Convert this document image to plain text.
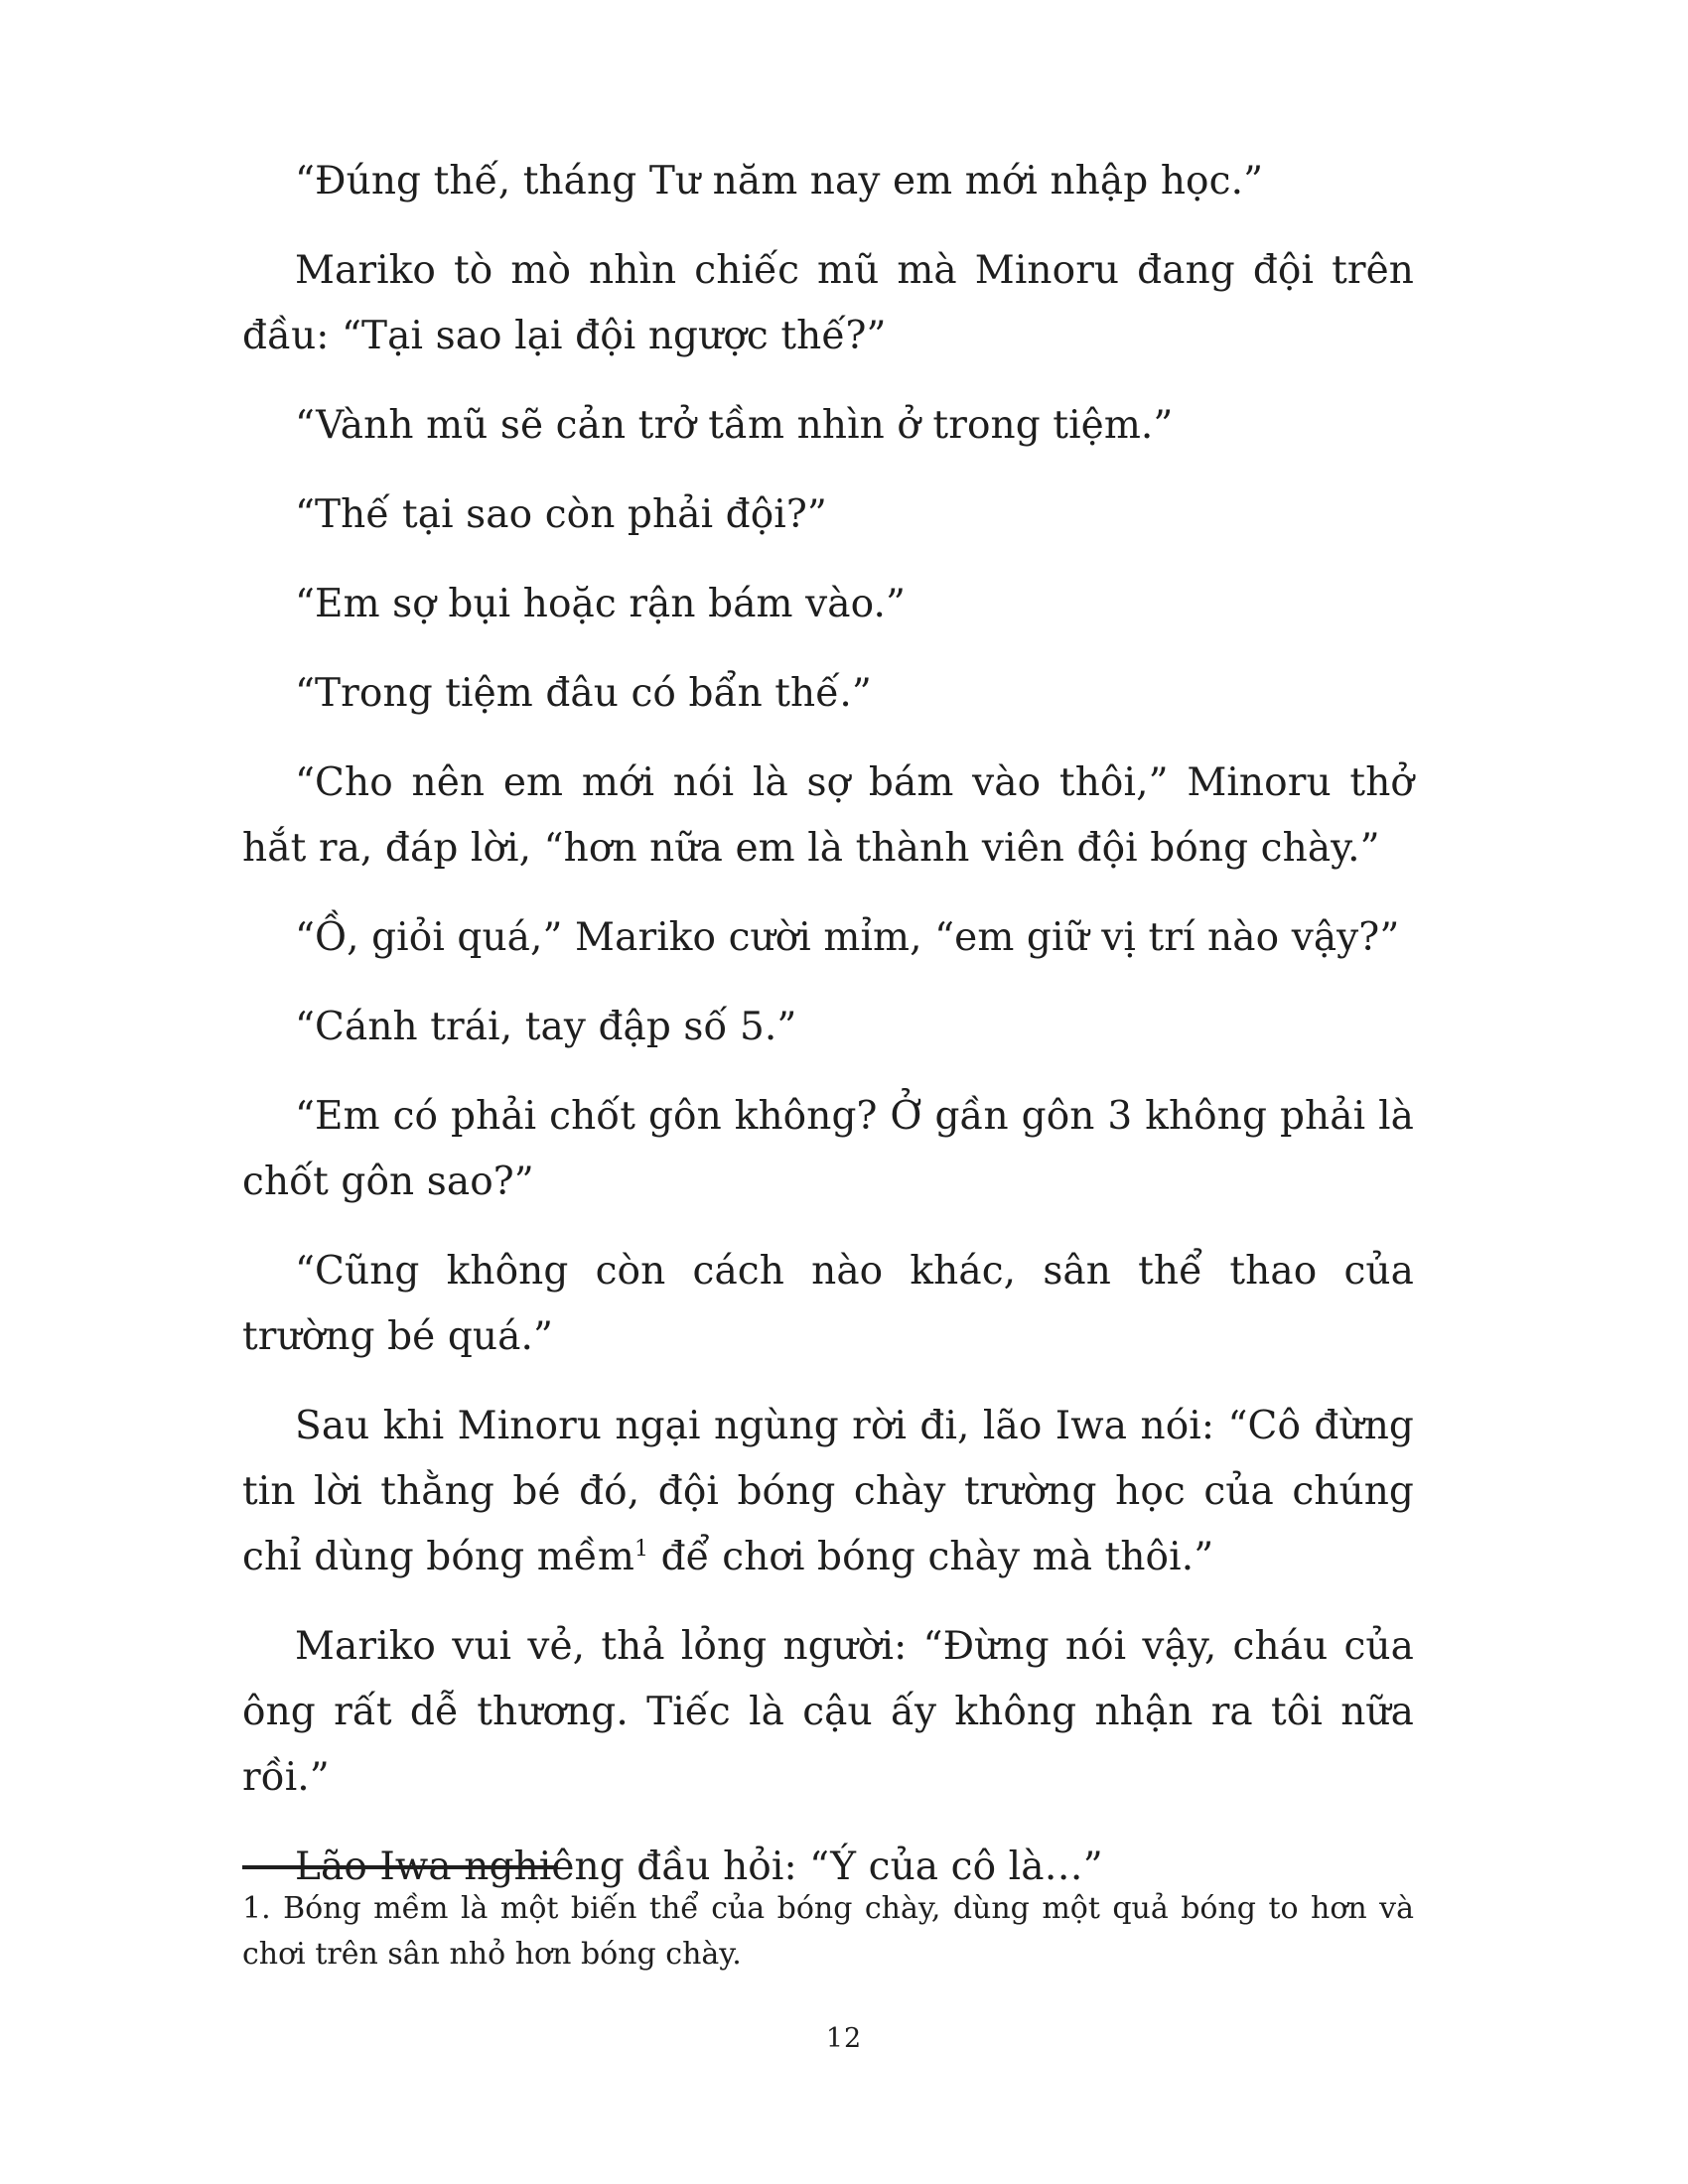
“Đúng thế, tháng Tư năm nay em mới nhập học.”

Mariko tò mò nhìn chiếc mũ mà Minoru đang đội trên đầu: “Tại sao lại đội ngược thế?”

“Vành mũ sẽ cản trở tầm nhìn ở trong tiệm.”

“Thế tại sao còn phải đội?”

“Em sợ bụi hoặc rận bám vào.”

“Trong tiệm đâu có bẩn thế.”

“Cho nên em mới nói là sợ bám vào thôi,” Minoru thở hắt ra, đáp lời, “hơn nữa em là thành viên đội bóng chày.”

“Ồ, giỏi quá,” Mariko cười mỉm, “em giữ vị trí nào vậy?”

“Cánh trái, tay đập số 5.”

“Em có phải chốt gôn không? Ở gần gôn 3 không phải là chốt gôn sao?”

“Cũng không còn cách nào khác, sân thể thao của trường bé quá.”

Sau khi Minoru ngại ngùng rời đi, lão Iwa nói: “Cô đừng tin lời thằng bé đó, đội bóng chày trường học của chúng chỉ dùng bóng mềm$^1$ để chơi bóng chày mà thôi.”

Mariko vui vẻ, thả lỏng người: “Đừng nói vậy, cháu của ông rất dễ thương. Tiếc là cậu ấy không nhận ra tôi nữa rồi.”

Lão Iwa nghiêng đầu hỏi: “Ý của cô là…”

1. Bóng mềm là một biến thể của bóng chày, dùng một quả bóng to hơn và chơi trên sân nhỏ hơn bóng chày.

12
